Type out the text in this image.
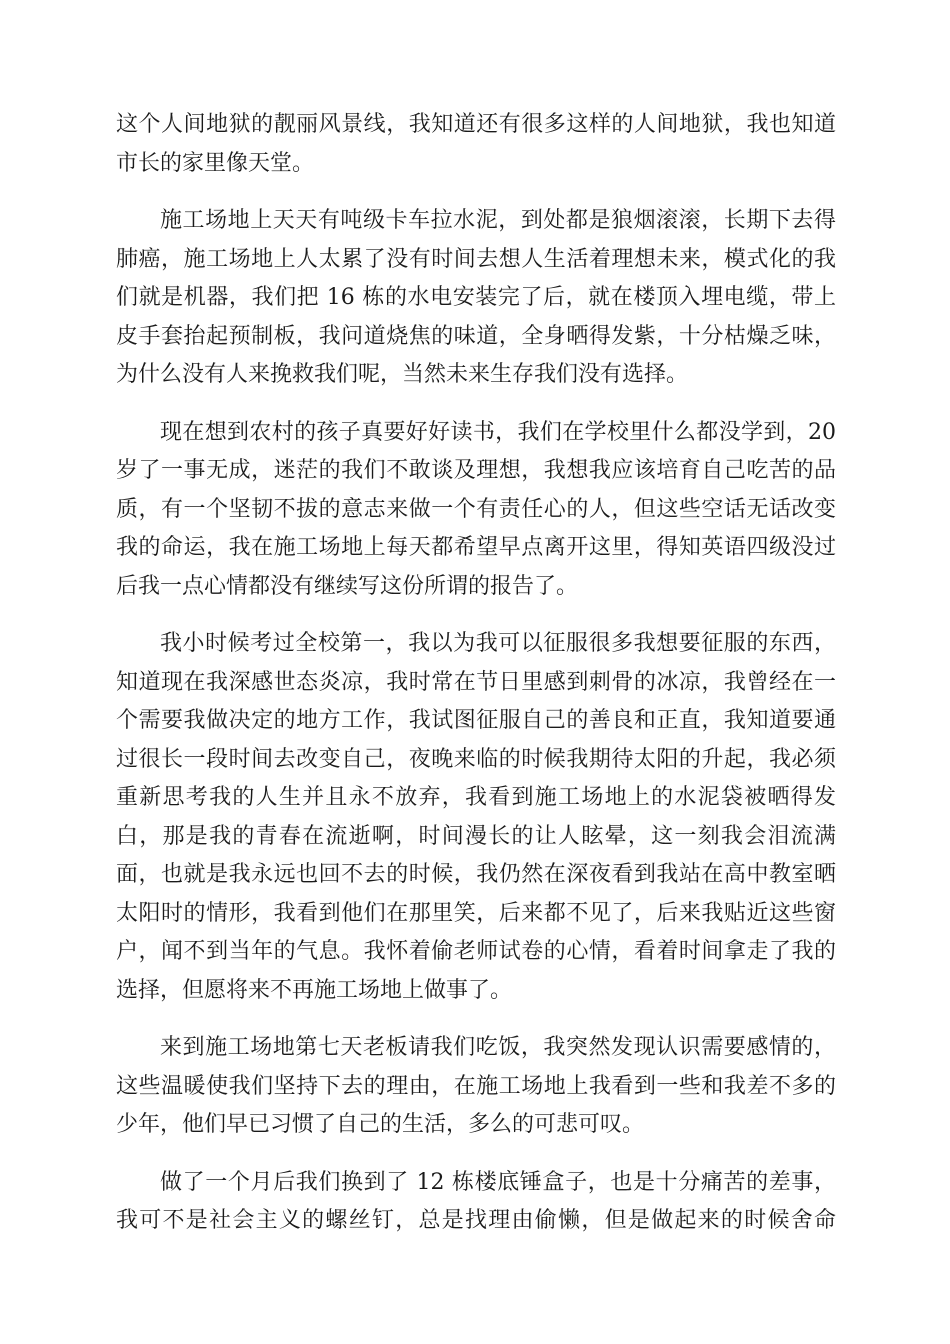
这个人间地狱的靓丽风景线，我知道还有很多这样的人间地狱，我也知道
市长的家里像天堂。

施工场地上天天有吨级卡车拉水泥，到处都是狼烟滚滚，长期下去得
肺癌，施工场地上人太累了没有时间去想人生活着理想未来，模式化的我
们就是机器，我们把 16 栋的水电安装完了后，就在楼顶入埋电缆，带上
皮手套抬起预制板，我问道烧焦的味道，全身晒得发紫，十分枯燥乏味，
为什么没有人来挽救我们呢，当然未来生存我们没有选择。

现在想到农村的孩子真要好好读书，我们在学校里什么都没学到，20
岁了一事无成，迷茫的我们不敢谈及理想，我想我应该培育自己吃苦的品
质，有一个坚韧不拔的意志来做一个有责任心的人，但这些空话无话改变
我的命运，我在施工场地上每天都希望早点离开这里，得知英语四级没过
后我一点心情都没有继续写这份所谓的报告了。

我小时候考过全校第一，我以为我可以征服很多我想要征服的东西，
知道现在我深感世态炎凉，我时常在节日里感到刺骨的冰凉，我曾经在一
个需要我做决定的地方工作，我试图征服自己的善良和正直，我知道要通
过很长一段时间去改变自己，夜晚来临的时候我期待太阳的升起，我必须
重新思考我的人生并且永不放弃，我看到施工场地上的水泥袋被晒得发
白，那是我的青春在流逝啊，时间漫长的让人眩晕，这一刻我会泪流满
面，也就是我永远也回不去的时候，我仍然在深夜看到我站在高中教室晒
太阳时的情形，我看到他们在那里笑，后来都不见了，后来我贴近这些窗
户，闻不到当年的气息。我怀着偷老师试卷的心情，看着时间拿走了我的
选择，但愿将来不再施工场地上做事了。

来到施工场地第七天老板请我们吃饭，我突然发现认识需要感情的，
这些温暖使我们坚持下去的理由，在施工场地上我看到一些和我差不多的
少年，他们早已习惯了自己的生活，多么的可悲可叹。

做了一个月后我们换到了 12 栋楼底锤盒子，也是十分痛苦的差事，
我可不是社会主义的螺丝钉，总是找理由偷懒，但是做起来的时候舍命
